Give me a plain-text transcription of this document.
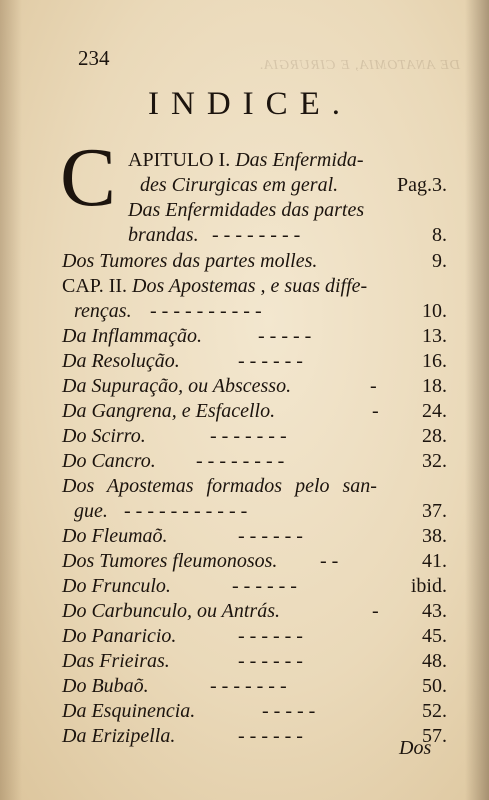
DE ANATOMIA, E CIRURGIA.
234
INDICE.
C APITULO I. Das Enfermida-
des Cirurgicas em geral.	Pag.3.
Das Enfermidades das partes
brandas. - - - - - - - -	8.
Dos Tumores das partes molles.	9.
CAP. II. Dos Apostemas , e suas diffe-
renças. - - - - - - - - - -	10.
Da Inflammação.	- - - - -	13.
Da Resolução.	- - - - - -	16.
Da Supuração, ou Abscesso.	- 18.
Da Gangrena, e Esfacello.	- 24.
Do Scirro.	- - - - - - -	28.
Do Cancro. - - - - - - - -	32.
Dos Apostemas formados pelo san-
gue. - - - - - - - - - - -	37.
Do Fleumaõ.	- - - - - -	38.
Dos Tumores fleumonosos. - -	41.
Do Frunculo.	- - - - - -	ibid.
Do Carbunculo, ou Antrás.	- 43.
Do Panaricio.	- - - - - -	45.
Das Frieiras.	- - - - - -	48.
Do Bubaõ.	- - - - - - -	50.
Da Esquinencia.	- - - - -	52.
Da Erizipella.	- - - - - -	57.
Dos
